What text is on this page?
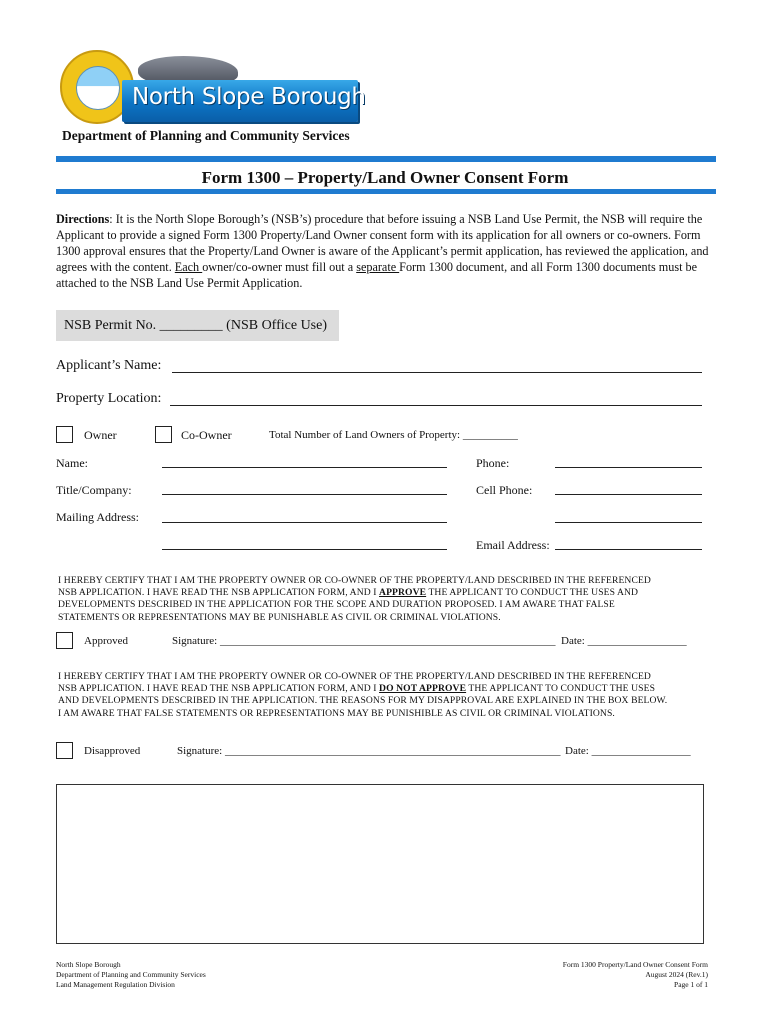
North Slope Borough
Department of Planning and Community Services
Form 1300 – Property/Land Owner Consent Form
Directions: It is the North Slope Borough’s (NSB’s) procedure that before issuing a NSB Land Use Permit, the NSB will require the Applicant to provide a signed Form 1300 Property/Land Owner consent form with its application for all owners or co-owners. Form 1300 approval ensures that the Property/Land Owner is aware of the Applicant’s permit application, has reviewed the application, and agrees with the content. Each owner/co-owner must fill out a separate Form 1300 document, and all Form 1300 documents must be attached to the NSB Land Use Permit Application.
NSB Permit No. _________ (NSB Office Use)
Applicant’s Name:
Property Location:
Owner	Co-Owner	Total Number of Land Owners of Property: __________
Name:	Phone:
Title/Company:	Cell Phone:
Mailing Address:
Email Address:
I HEREBY CERTIFY THAT I AM THE PROPERTY OWNER OR CO-OWNER OF THE PROPERTY/LAND DESCRIBED IN THE REFERENCED
NSB APPLICATION. I HAVE READ THE NSB APPLICATION FORM, AND I APPROVE THE APPLICANT TO CONDUCT THE USES AND
DEVELOPMENTS DESCRIBED IN THE APPLICATION FOR THE SCOPE AND DURATION PROPOSED. I AM AWARE THAT FALSE
STATEMENTS OR REPRESENTATIONS MAY BE PUNISHABLE AS CIVIL OR CRIMINAL VIOLATIONS.
Approved	Signature: _____________________________________________________________ Date: __________________
I HEREBY CERTIFY THAT I AM THE PROPERTY OWNER OR CO-OWNER OF THE PROPERTY/LAND DESCRIBED IN THE REFERENCED
NSB APPLICATION. I HAVE READ THE NSB APPLICATION FORM, AND I DO NOT APPROVE THE APPLICANT TO CONDUCT THE USES
AND DEVELOPMENTS DESCRIBED IN THE APPLICATION. THE REASONS FOR MY DISAPPROVAL ARE EXPLAINED IN THE BOX BELOW.
I AM AWARE THAT FALSE STATEMENTS OR REPRESENTATIONS MAY BE PUNISHIBLE AS CIVIL OR CRIMINAL VIOLATIONS.
Disapproved	Signature: _____________________________________________________________ Date: __________________
North Slope Borough
Department of Planning and Community Services
Land Management Regulation Division
Form 1300 Property/Land Owner Consent Form
August 2024 (Rev.1)
Page 1 of 1
